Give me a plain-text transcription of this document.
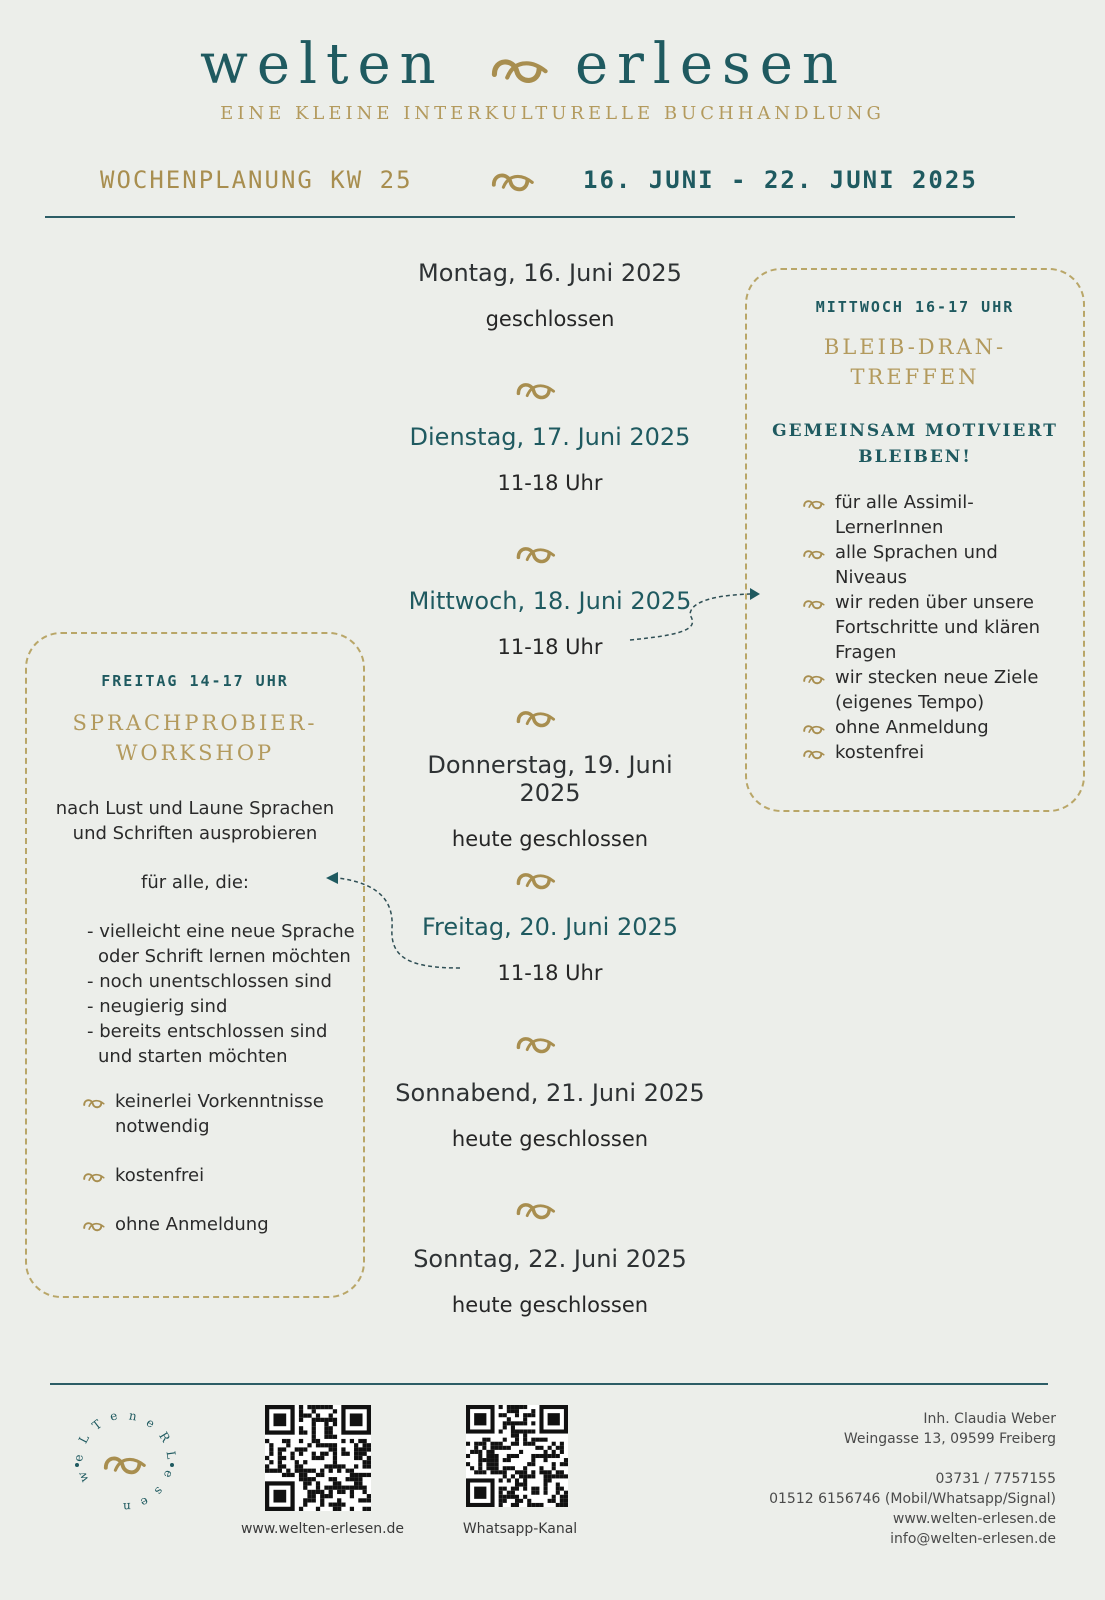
welten erlesen
EINE KLEINE INTERKULTURELLE BUCHHANDLUNG
WOCHENPLANUNG KW 25	16. JUNI - 22. JUNI 2025
Montag, 16. Juni 2025
geschlossen
Dienstag, 17. Juni 2025
11-18 Uhr
Mittwoch, 18. Juni 2025
11-18 Uhr
Donnerstag, 19. Juni 2025
heute geschlossen
Freitag, 20. Juni 2025
11-18 Uhr
Sonnabend, 21. Juni 2025
heute geschlossen
Sonntag, 22. Juni 2025
heute geschlossen
MITTWOCH 16-17 UHR
BLEIB-DRAN-
TREFFEN
GEMEINSAM MOTIVIERT
BLEIBEN!
für alle Assimil-
LernerInnen
alle Sprachen und
Niveaus
wir reden über unsere
Fortschritte und klären
Fragen
wir stecken neue Ziele
(eigenes Tempo)
ohne Anmeldung
kostenfrei
FREITAG 14-17 UHR
SPRACHPROBIER-
WORKSHOP
nach Lust und Laune Sprachen
und Schriften ausprobieren
für alle, die:
- vielleicht eine neue Sprache
oder Schrift lernen möchten
- noch unentschlossen sind
- neugierig sind
- bereits entschlossen sind
und starten möchten
keinerlei Vorkenntnisse
notwendig
kostenfrei
ohne Anmeldung
w
e
L
T
e n e
R
L
e
s
e
n
www.welten-erlesen.de	Whatsapp-Kanal
Inh. Claudia Weber
Weingasse 13, 09599 Freiberg
03731 / 7757155
01512 6156746 (Mobil/Whatsapp/Signal)
www.welten-erlesen.de
info@welten-erlesen.de
